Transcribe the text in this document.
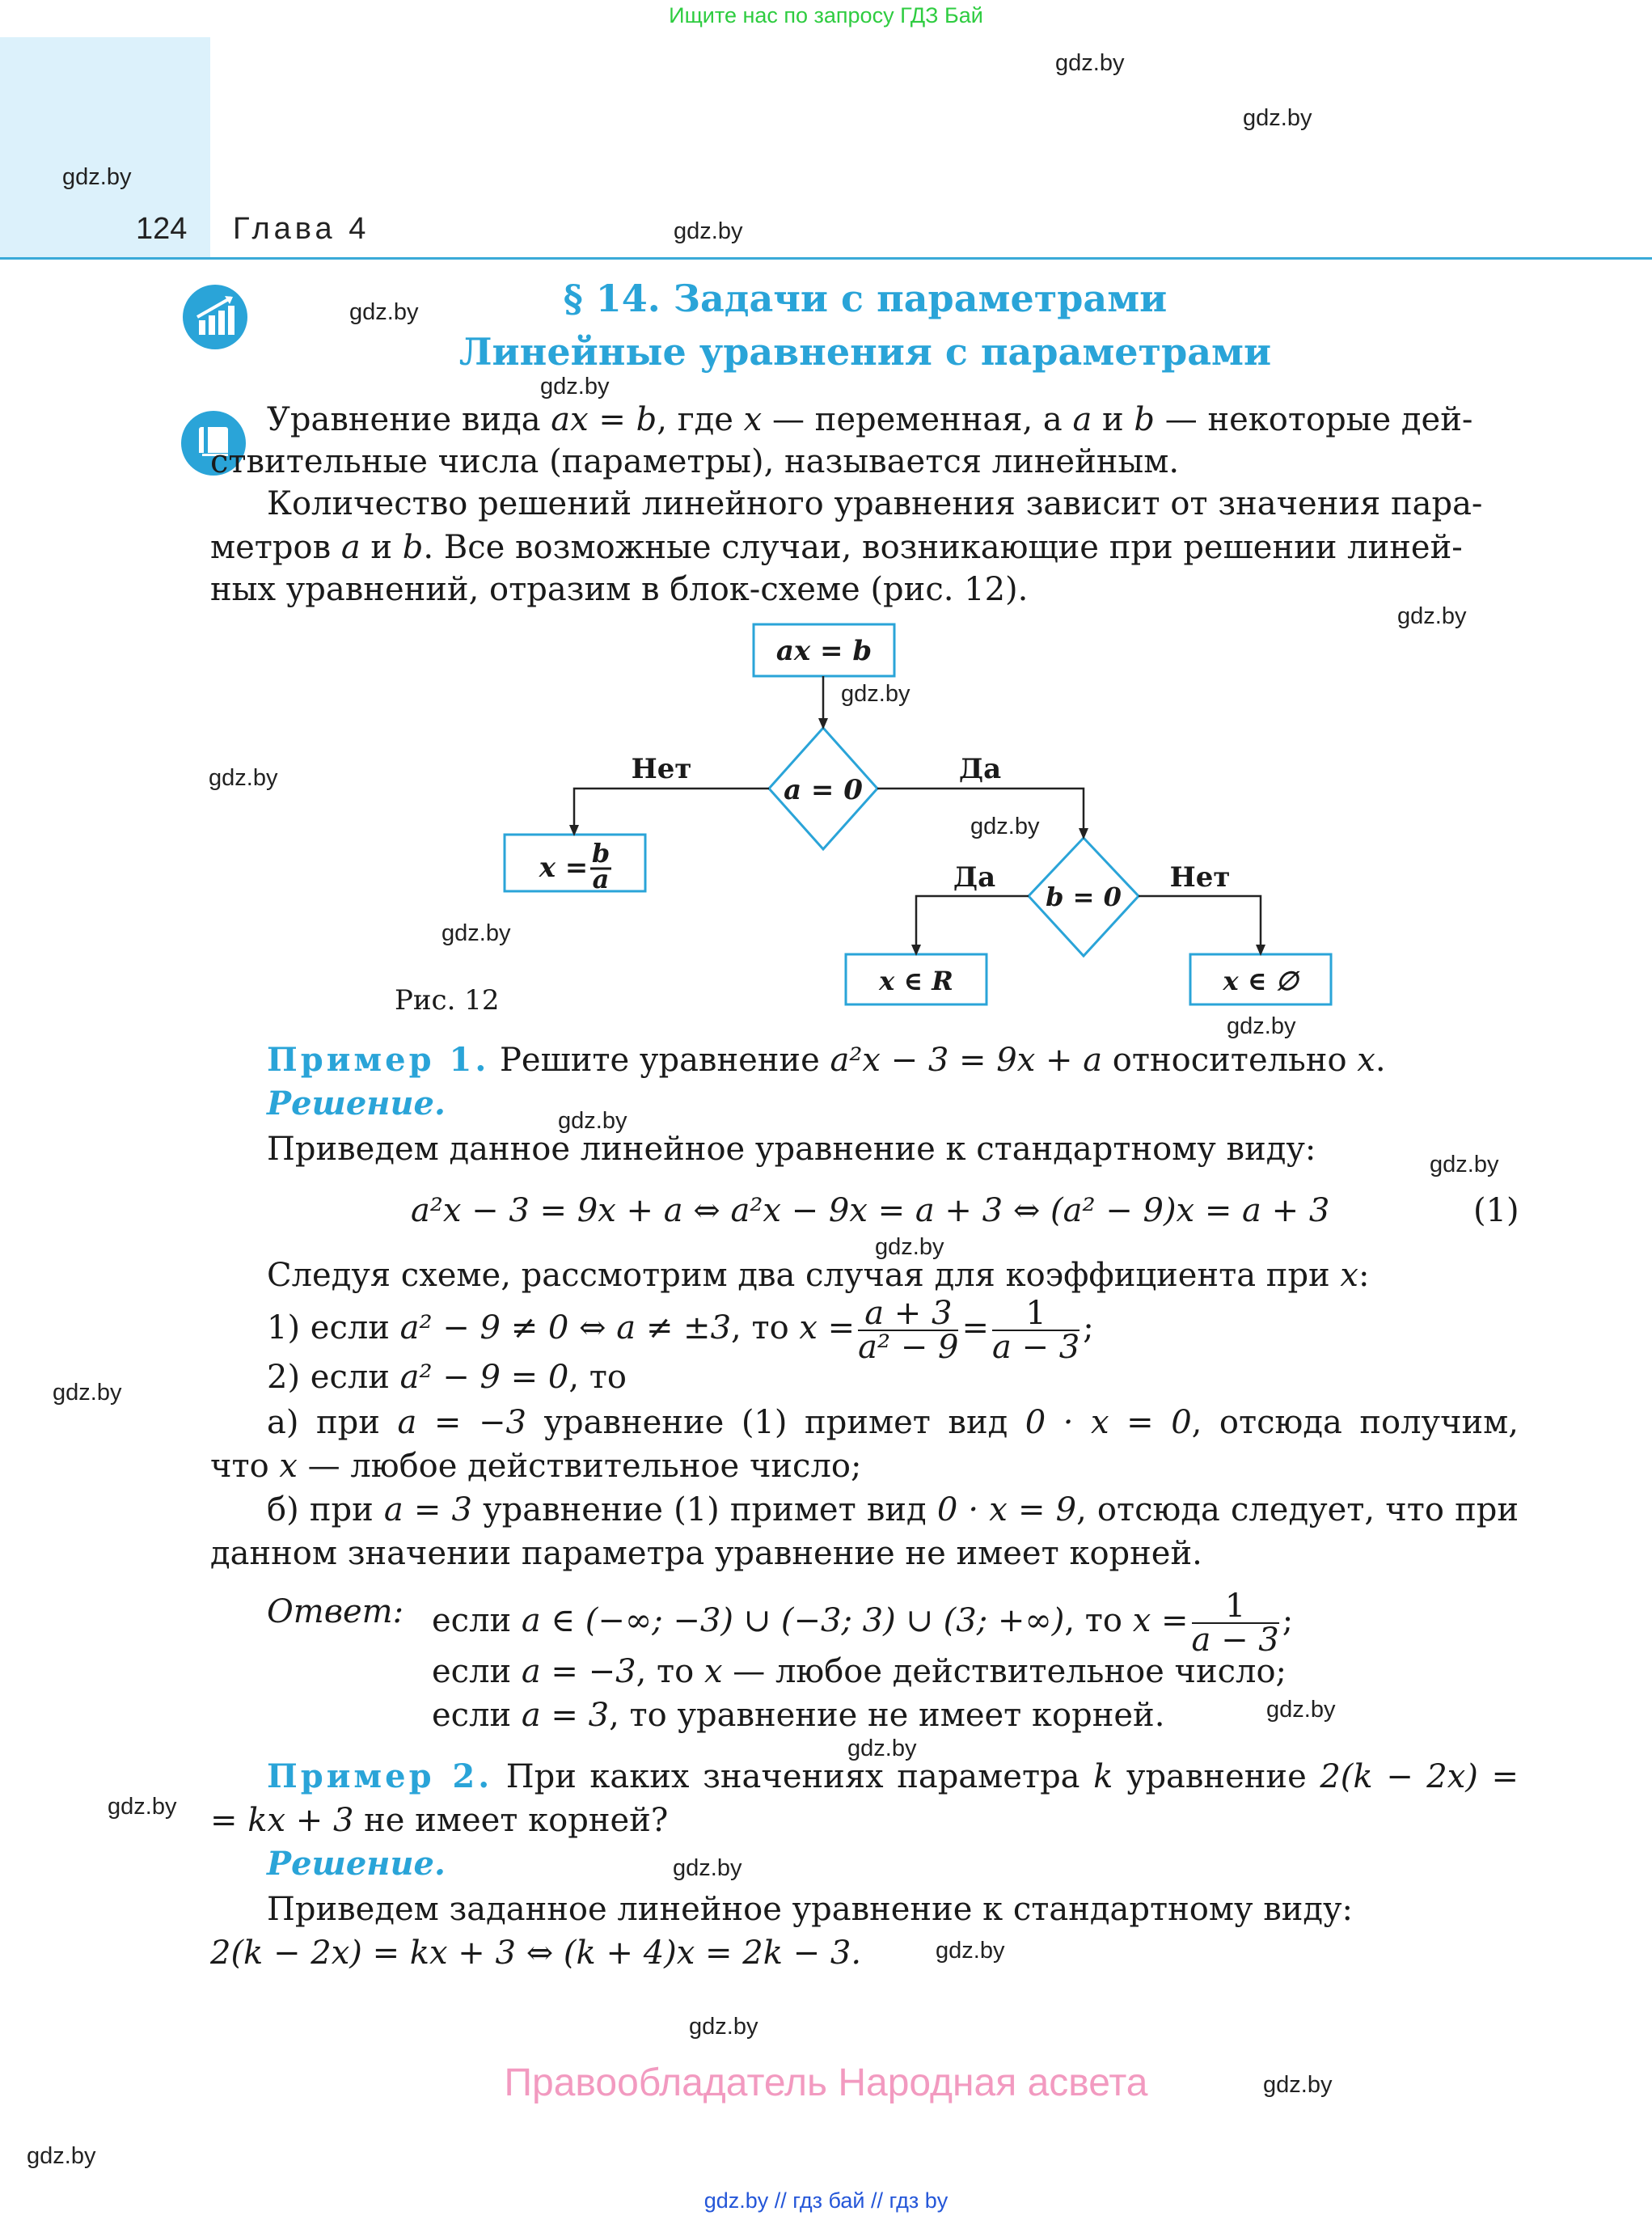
Ищите нас по запросу ГДЗ Бай
124 Глава 4
gdz.by
gdz.by
gdz.by
gdz.by
gdz.by
gdz.by
gdz.by
gdz.by
gdz.by
gdz.by
gdz.by
gdz.by
gdz.by
gdz.by
gdz.by
gdz.by
gdz.by
gdz.by
gdz.by
gdz.by
gdz.by
gdz.by
gdz.by
gdz.by
§ 14. Задачи с параметрами
Линейные уравнения с параметрами
Уравнение вида ax = b, где x — переменная, а a и b — некоторые дей-
ствительные числа (параметры), называется линейным.
Количество решений линейного уравнения зависит от значения пара-
метров a и b. Все возможные случаи, возникающие при решении линей-
ных уравнений, отразим в блок-схеме (рис. 12).
ax = b
a = 0
Нет	Да
x = b
a
b = 0
Да	Нет
x ∈ R	x ∈ ∅
Рис. 12
Пример 1. Решите уравнение a²x − 3 = 9x + a относительно x.
Решение.
Приведем данное линейное уравнение к стандартному виду:
a²x − 3 = 9x + a ⇔ a²x − 9x = a + 3 ⇔ (a² − 9)x = a + 3	(1)
Следуя схеме, рассмотрим два случая для коэффициента при x:
1) если a² − 9 ≠ 0 ⇔ a ≠ ±3, то $x = \frac{a + 3}{\text{a² − 9}} = \frac{1}{a - 3}$ ;
2) если a² − 9 = 0, то
а) при a = −3 уравнение (1) примет вид 0 · x = 0, отсюда получим,
что x — любое действительное число;
б) при a = 3 уравнение (1) примет вид 0 · x = 9, отсюда следует, что при
данном значении параметра уравнение не имеет корней.
Ответ: если a ∈ (−∞; −3) ∪ (−3; 3) ∪ (3; +∞), то $x = \frac{1}{a - 3}$ ;
если a = −3, то x — любое действительное число;
если a = 3, то уравнение не имеет корней.
Пример 2. При каких значениях параметра k уравнение 2(k − 2x) =
= kx + 3 не имеет корней?
Решение.
Приведем заданное линейное уравнение к стандартному виду:
2(k − 2x) = kx + 3 ⇔ (k + 4)x = 2k − 3.
Правообладатель Народная асвета
gdz.by // гдз бай // гдз by
